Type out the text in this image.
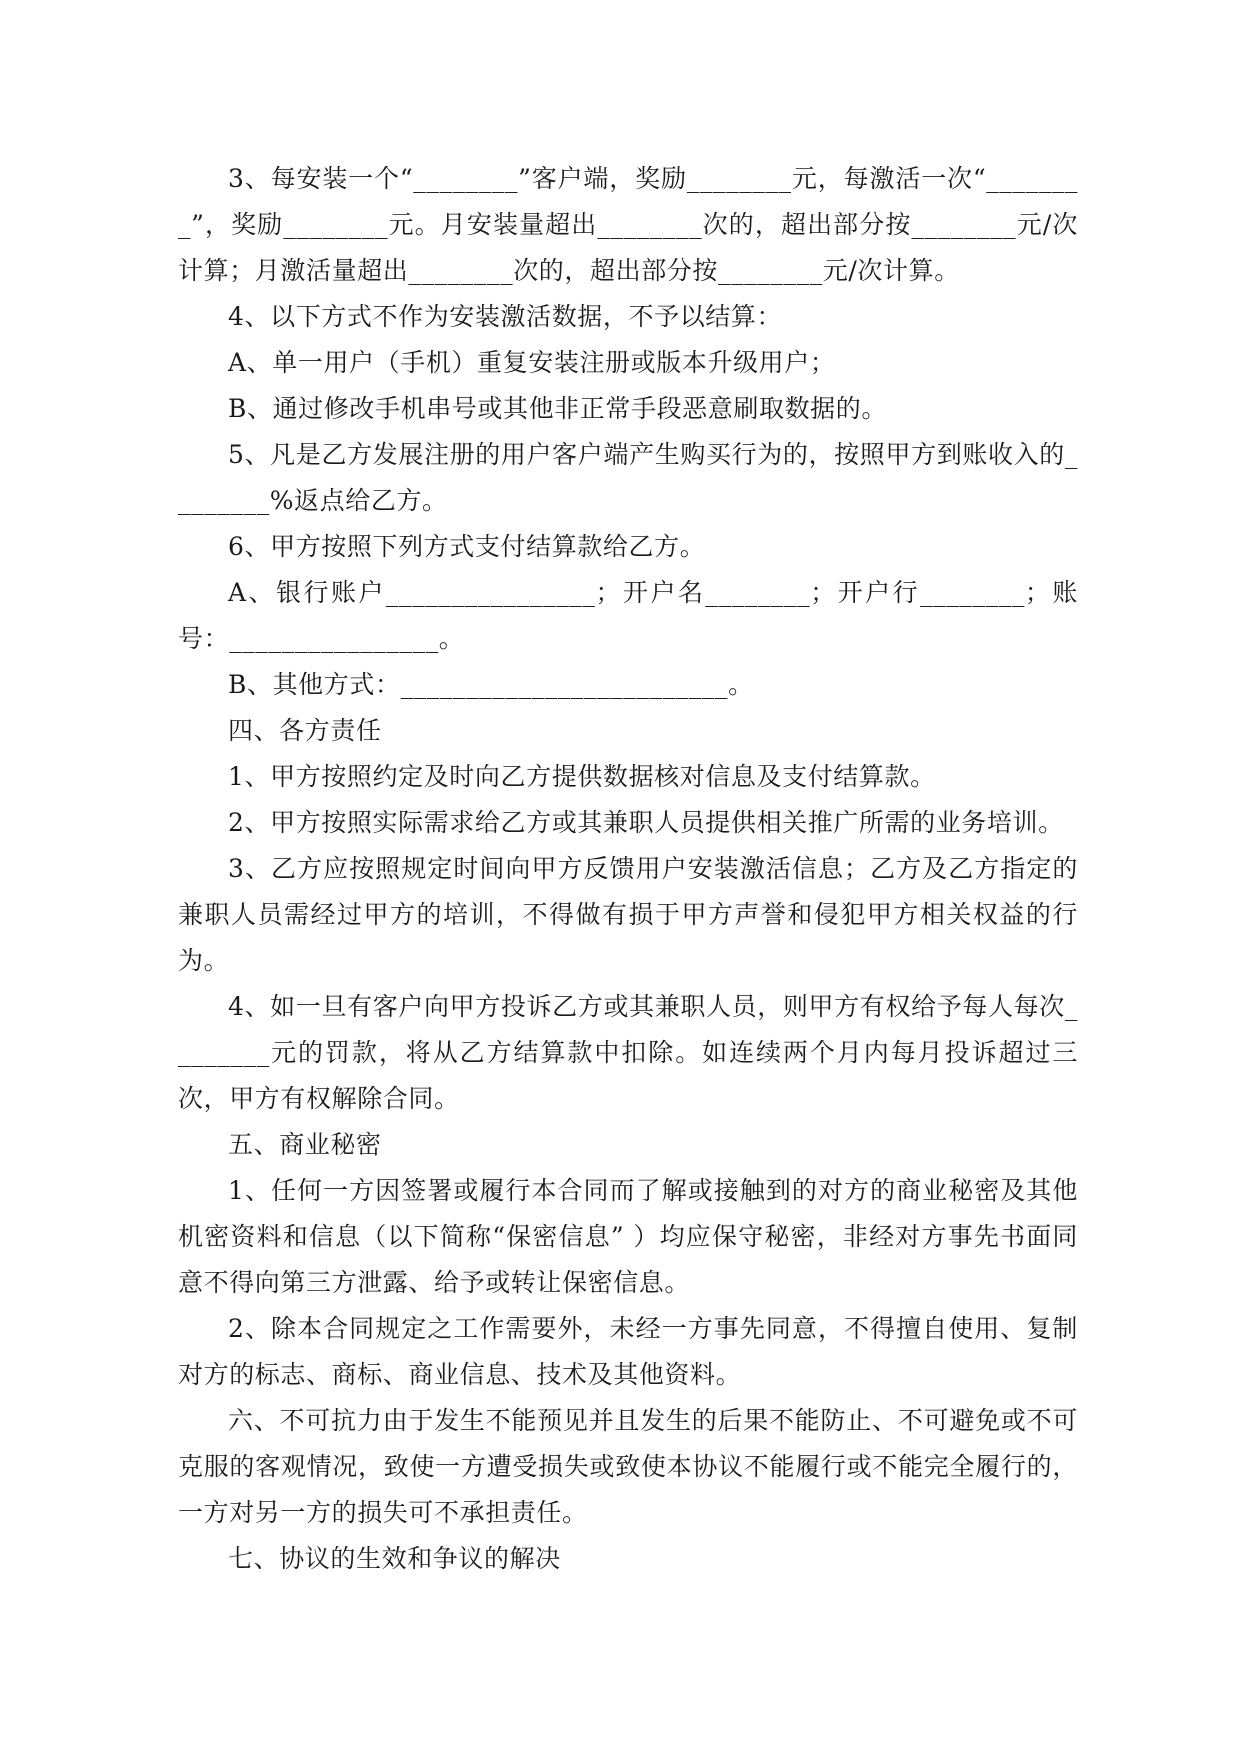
3、每安装一个“________”客户端，奖励________元，每激活一次“________”，奖励________元。月安装量超出________次的，超出部分按________元/次计算；月激活量超出________次的，超出部分按________元/次计算。

4、以下方式不作为安装激活数据，不予以结算：

A、单一用户（手机）重复安装注册或版本升级用户；

B、通过修改手机串号或其他非正常手段恶意刷取数据的。

5、凡是乙方发展注册的用户客户端产生购买行为的，按照甲方到账收入的________%返点给乙方。

6、甲方按照下列方式支付结算款给乙方。

A、银行账户________________；开户名________；开户行________；账号：________________。

B、其他方式：_________________________。

四、各方责任

1、甲方按照约定及时向乙方提供数据核对信息及支付结算款。

2、甲方按照实际需求给乙方或其兼职人员提供相关推广所需的业务培训。

3、乙方应按照规定时间向甲方反馈用户安装激活信息；乙方及乙方指定的兼职人员需经过甲方的培训，不得做有损于甲方声誉和侵犯甲方相关权益的行为。

4、如一旦有客户向甲方投诉乙方或其兼职人员，则甲方有权给予每人每次________元的罚款，将从乙方结算款中扣除。如连续两个月内每月投诉超过三次，甲方有权解除合同。

五、商业秘密

1、任何一方因签署或履行本合同而了解或接触到的对方的商业秘密及其他机密资料和信息（以下简称“保密信息” ）均应保守秘密，非经对方事先书面同意不得向第三方泄露、给予或转让保密信息。

2、除本合同规定之工作需要外，未经一方事先同意，不得擅自使用、复制对方的标志、商标、商业信息、技术及其他资料。

六、不可抗力由于发生不能预见并且发生的后果不能防止、不可避免或不可克服的客观情况，致使一方遭受损失或致使本协议不能履行或不能完全履行的，一方对另一方的损失可不承担责任。

七、协议的生效和争议的解决
